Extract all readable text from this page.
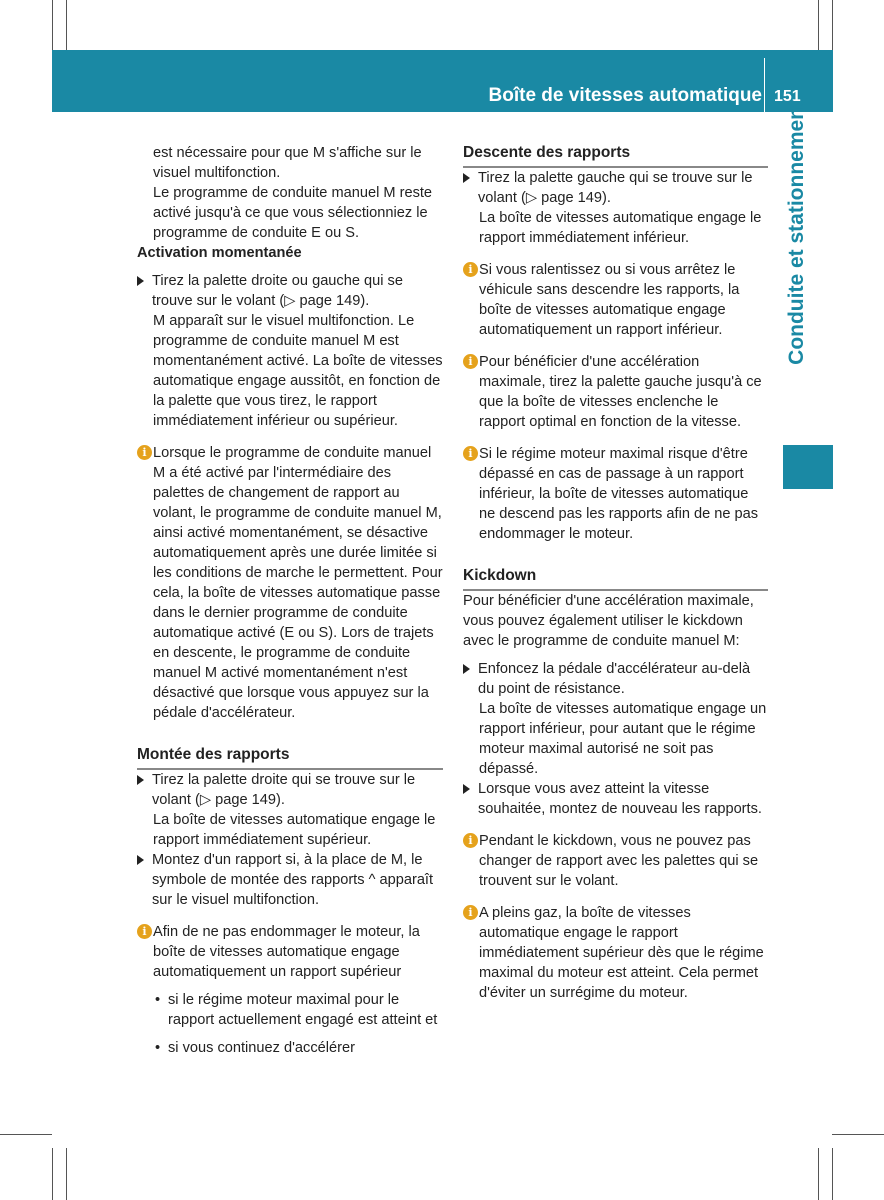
Boîte de vitesses automatique 151
Conduite et stationnement

est nécessaire pour que M s'affiche sur le visuel multifonction.

Le programme de conduite manuel M reste activé jusqu'à ce que vous sélectionniez le programme de conduite E ou S.

Activation momentanée

Tirez la palette droite ou gauche qui se trouve sur le volant (▷ page 149).

M apparaît sur le visuel multifonction. Le programme de conduite manuel M est momentanément activé. La boîte de vitesses automatique engage aussitôt, en fonction de la palette que vous tirez, le rapport immédiatement inférieur ou supérieur.

i Lorsque le programme de conduite manuel M a été activé par l'intermédiaire des palettes de changement de rapport au volant, le programme de conduite manuel M, ainsi activé momentanément, se désactive automatiquement après une durée limitée si les conditions de marche le permettent. Pour cela, la boîte de vitesses automatique passe dans le dernier programme de conduite automatique activé (E ou S). Lors de trajets en descente, le programme de conduite manuel M activé momentanément n'est désactivé que lorsque vous appuyez sur la pédale d'accélérateur.

Montée des rapports

Tirez la palette droite qui se trouve sur le volant (▷ page 149).

La boîte de vitesses automatique engage le rapport immédiatement supérieur.

Montez d'un rapport si, à la place de M, le symbole de montée des rapports ^ apparaît sur le visuel multifonction.
i Afin de ne pas endommager le moteur, la boîte de vitesses automatique engage automatiquement un rapport supérieur
• si le régime moteur maximal pour le rapport actuellement engagé est atteint et
• si vous continuez d'accélérer

Descente des rapports

Tirez la palette gauche qui se trouve sur le volant (▷ page 149).

La boîte de vitesses automatique engage le rapport immédiatement inférieur.

i Si vous ralentissez ou si vous arrêtez le véhicule sans descendre les rapports, la boîte de vitesses automatique engage automatiquement un rapport inférieur.
i Pour bénéficier d'une accélération maximale, tirez la palette gauche jusqu'à ce que la boîte de vitesses enclenche le rapport optimal en fonction de la vitesse.
i Si le régime moteur maximal risque d'être dépassé en cas de passage à un rapport inférieur, la boîte de vitesses automatique ne descend pas les rapports afin de ne pas endommager le moteur.

Kickdown

Pour bénéficier d'une accélération maximale, vous pouvez également utiliser le kickdown avec le programme de conduite manuel M:

Enfoncez la pédale d'accélérateur au-delà du point de résistance.

La boîte de vitesses automatique engage un rapport inférieur, pour autant que le régime moteur maximal autorisé ne soit pas dépassé.

Lorsque vous avez atteint la vitesse souhaitée, montez de nouveau les rapports.
i Pendant le kickdown, vous ne pouvez pas changer de rapport avec les palettes qui se trouvent sur le volant.
i A pleins gaz, la boîte de vitesses automatique engage le rapport immédiatement supérieur dès que le régime maximal du moteur est atteint. Cela permet d'éviter un surrégime du moteur.
